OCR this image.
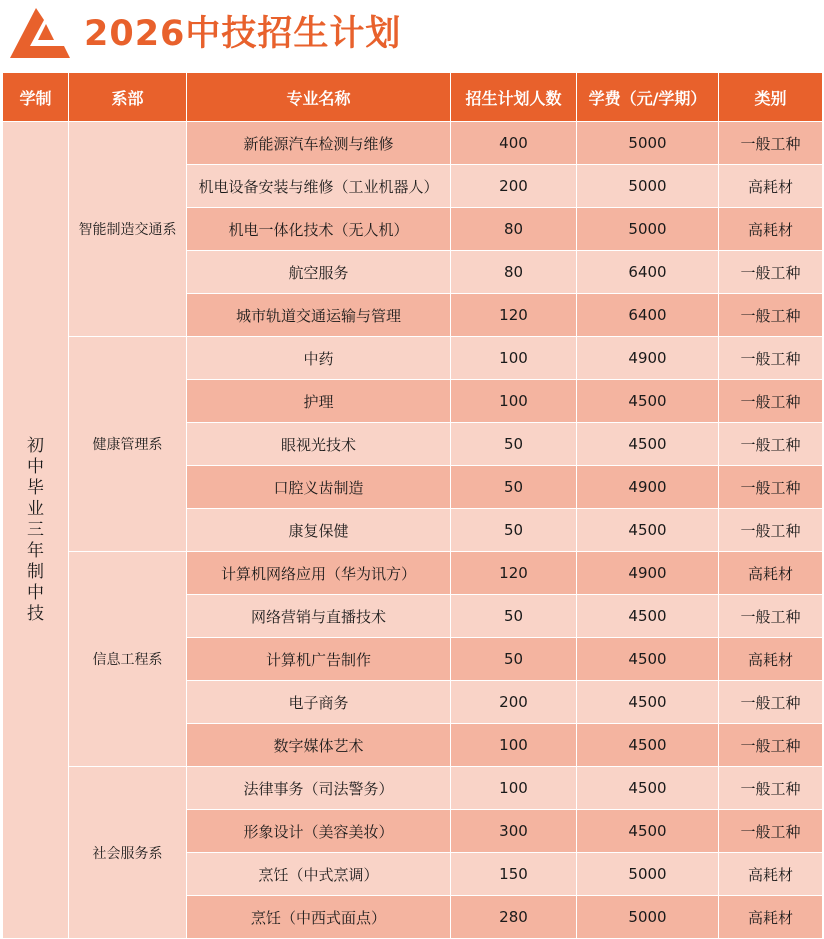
2026中技招生计划
学制	系部	专业名称	招生计划人数	学费（元/学期）	类别
初中毕业三年制中技	智能制造交通系	新能源汽车检测与维修	400	5000	一般工种
		机电设备安装与维修（工业机器人）	200	5000	高耗材
		机电一体化技术（无人机）	80	5000	高耗材
		航空服务	80	6400	一般工种
		城市轨道交通运输与管理	120	6400	一般工种
	健康管理系	中药	100	4900	一般工种
		护理	100	4500	一般工种
		眼视光技术	50	4500	一般工种
		口腔义齿制造	50	4900	一般工种
		康复保健	50	4500	一般工种
	信息工程系	计算机网络应用（华为讯方）	120	4900	高耗材
		网络营销与直播技术	50	4500	一般工种
		计算机广告制作	50	4500	高耗材
		电子商务	200	4500	一般工种
		数字媒体艺术	100	4500	一般工种
	社会服务系	法律事务（司法警务）	100	4500	一般工种
		形象设计（美容美妆）	300	4500	一般工种
		烹饪（中式烹调）	150	5000	高耗材
		烹饪（中西式面点）	280	5000	高耗材
